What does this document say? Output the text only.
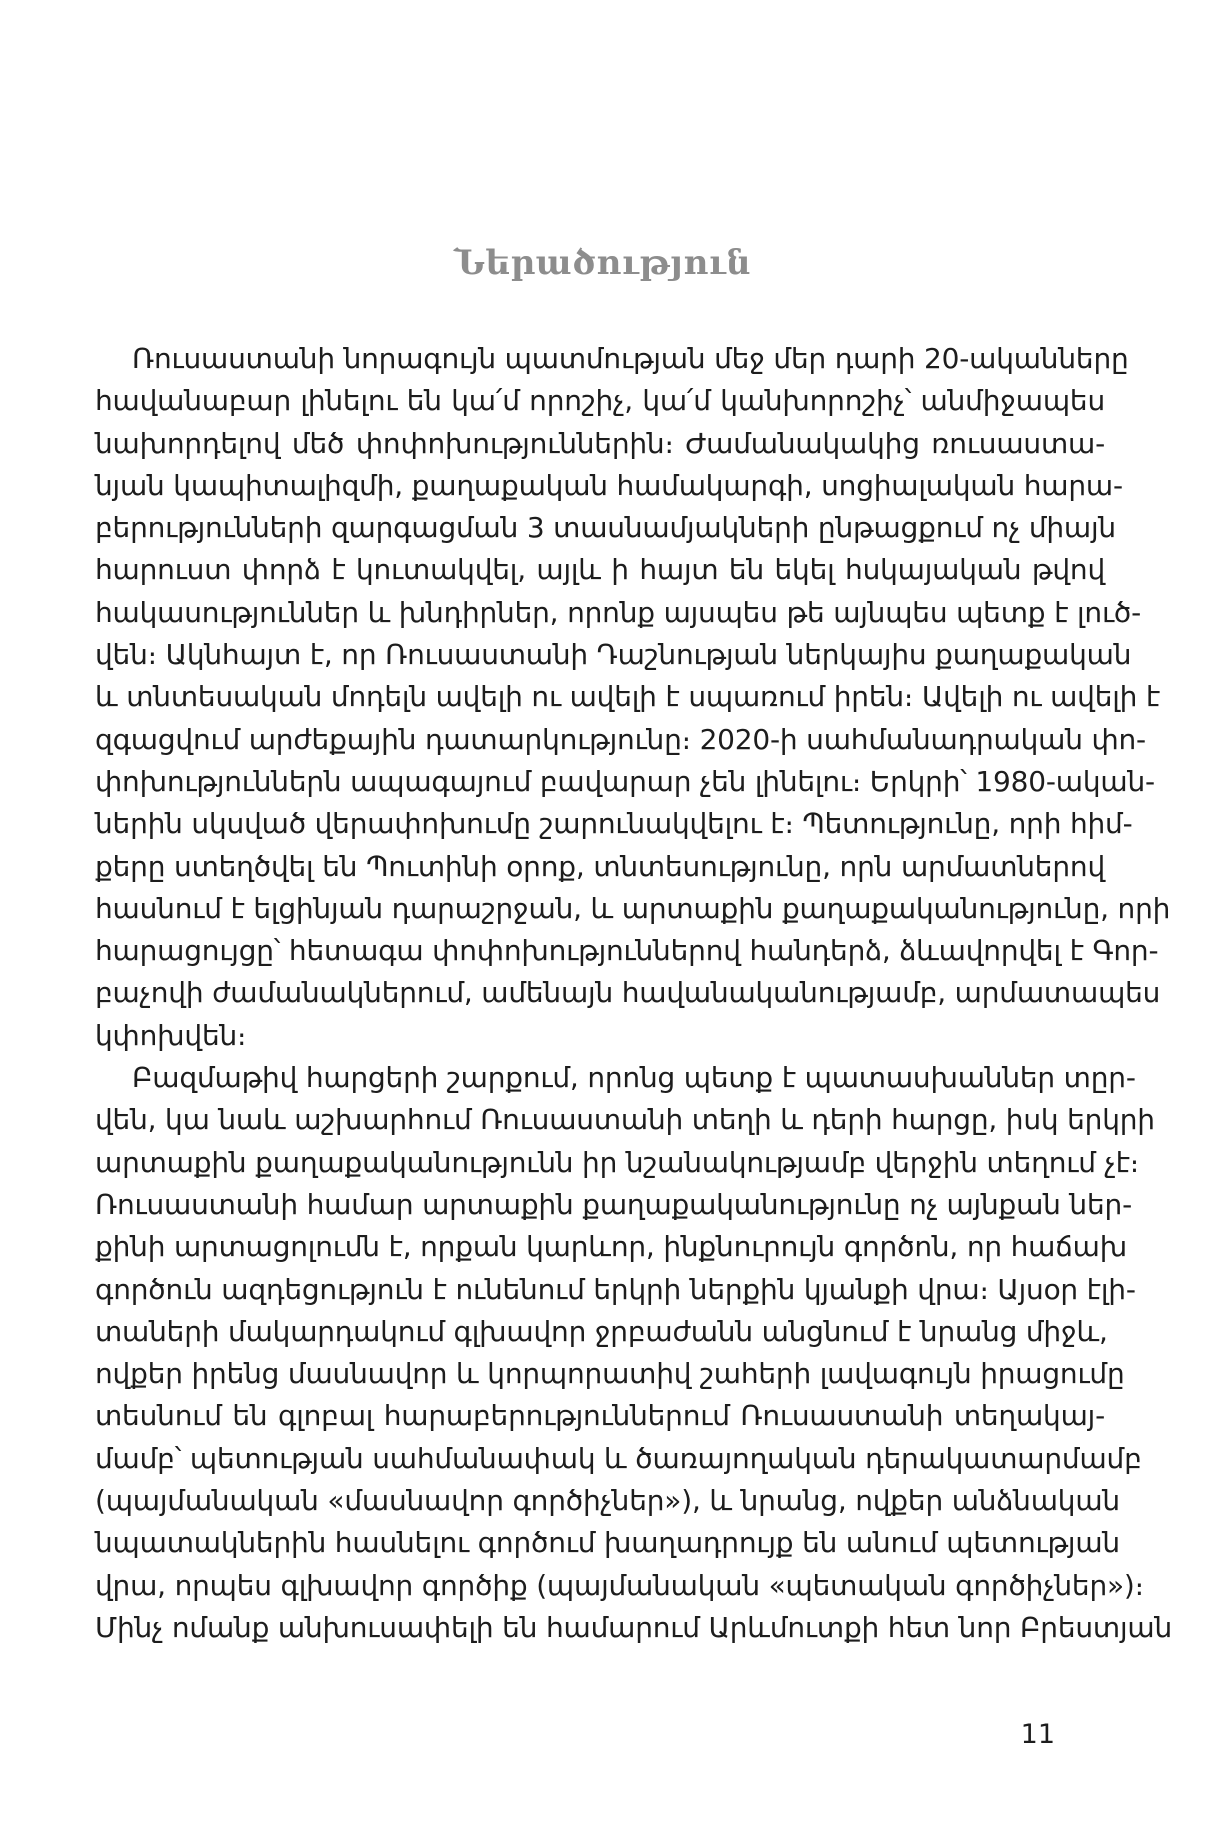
Ներածություն
Ռուսաստանի նորագույն պատմության մեջ մեր դարի 20-ականները
հավանաբար լինելու են կա՛մ որոշիչ, կա՛մ կանխորոշիչ՝ անմիջապես
նախորդելով մեծ փոփոխություններին։ Ժամանակակից ռուսաստա-
նյան կապիտալիզմի, քաղաքական համակարգի, սոցիալական հարա-
բերությունների զարգացման 3 տասնամյակների ընթացքում ոչ միայն
հարուստ փորձ է կուտակվել, այլև ի հայտ են եկել հսկայական թվով
հակասություններ և խնդիրներ, որոնք այսպես թե այնպես պետք է լուծ-
վեն։ Ակնհայտ է, որ Ռուսաստանի Դաշնության ներկայիս քաղաքական
և տնտեսական մոդելն ավելի ու ավելի է սպառում իրեն։ Ավելի ու ավելի է
զգացվում արժեքային դատարկությունը։ 2020-ի սահմանադրական փո-
փոխություններն ապագայում բավարար չեն լինելու։ Երկրի՝ 1980-ական-
ներին սկսված վերափոխումը շարունակվելու է։ Պետությունը, որի հիմ-
քերը ստեղծվել են Պուտինի օրոք, տնտեսությունը, որն արմատներով
հասնում է ելցինյան դարաշրջան, և արտաքին քաղաքականությունը, որի
հարացույցը՝ հետագա փոփոխություններով հանդերձ, ձևավորվել է Գոր-
բաչովի ժամանակներում, ամենայն հավանականությամբ, արմատապես
կփոխվեն։
Բազմաթիվ հարցերի շարքում, որոնց պետք է պատասխաններ տըր-
վեն, կա նաև աշխարհում Ռուսաստանի տեղի և դերի հարցը, իսկ երկրի
արտաքին քաղաքականությունն իր նշանակությամբ վերջին տեղում չէ։
Ռուսաստանի համար արտաքին քաղաքականությունը ոչ այնքան ներ-
քինի արտացոլումն է, որքան կարևոր, ինքնուրույն գործոն, որ հաճախ
գործուն ազդեցություն է ունենում երկրի ներքին կյանքի վրա։ Այսօր էլի-
տաների մակարդակում գլխավոր ջրբաժանն անցնում է նրանց միջև,
ովքեր իրենց մասնավոր և կորպորատիվ շահերի լավագույն իրացումը
տեսնում են գլոբալ հարաբերություններում Ռուսաստանի տեղակայ-
մամբ՝ պետության սահմանափակ և ծառայողական դերակատարմամբ
(պայմանական «մասնավոր գործիչներ»), և նրանց, ովքեր անձնական
նպատակներին հասնելու գործում խաղադրույք են անում պետության
վրա, որպես գլխավոր գործիք (պայմանական «պետական գործիչներ»)։
Մինչ ոմանք անխուսափելի են համարում Արևմուտքի հետ նոր Բրեստյան
11
